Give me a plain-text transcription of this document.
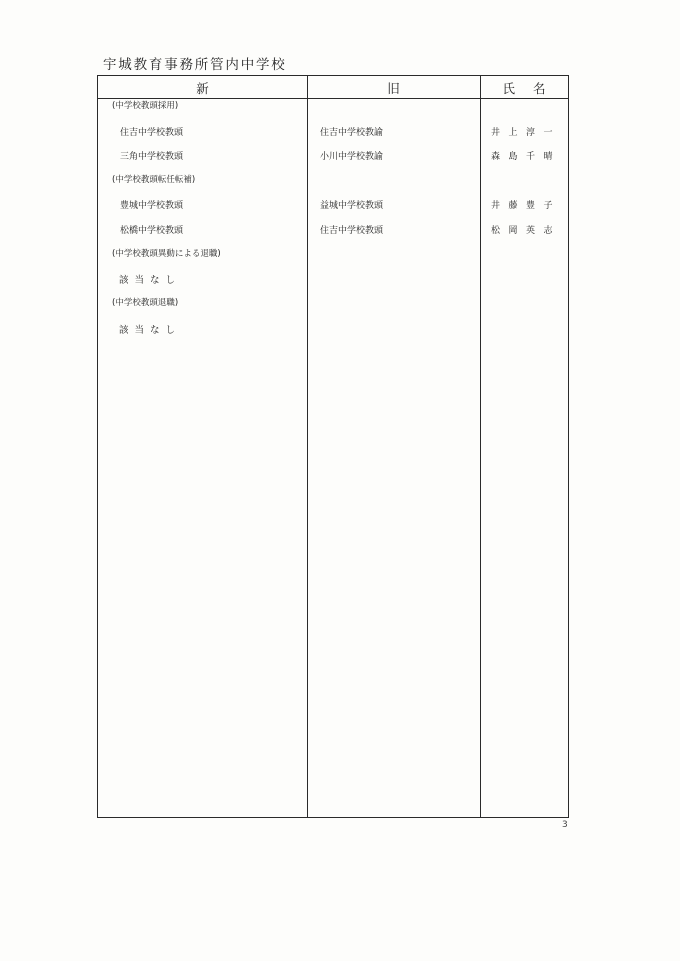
宇城教育事務所管内中学校
新	旧	氏名
(中学校教頭採用)
住吉中学校教頭	住吉中学校教諭	井上淳一
三角中学校教頭	小川中学校教諭	森島千晴
(中学校教頭転任転補)
豊城中学校教頭	益城中学校教頭	井藤豊子
松橋中学校教頭	住吉中学校教頭	松岡英志
(中学校教頭異動による退職)
該当なし
(中学校教頭退職)
該当なし
3
